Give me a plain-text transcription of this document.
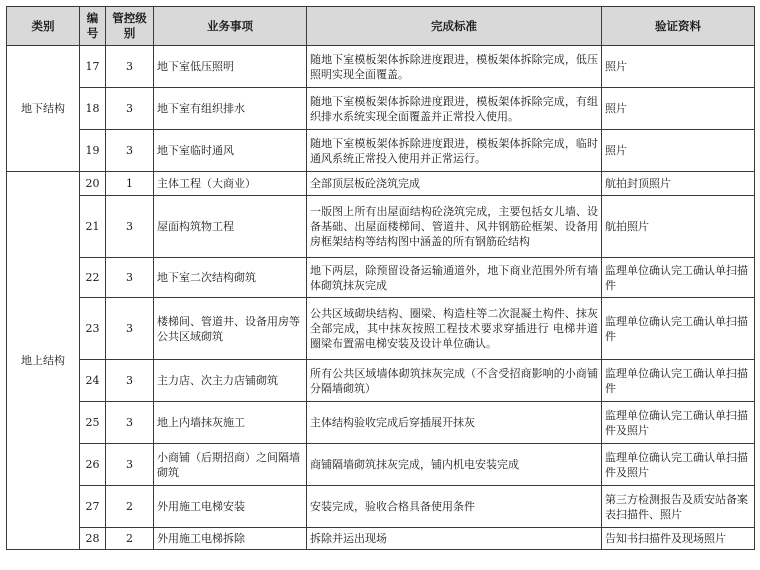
类别	编号	管控级别	业务事项	完成标准	验证资料
地下结构	17	3	地下室低压照明	随地下室模板架体拆除进度跟进，模板架体拆除完成，低压照明实现全面覆盖。	照片
	18	3	地下室有组织排水	随地下室模板架体拆除进度跟进，模板架体拆除完成，有组织排水系统实现全面覆盖并正常投入使用。	照片
	19	3	地下室临时通风	随地下室模板架体拆除进度跟进，模板架体拆除完成，临时通风系统正常投入使用并正常运行。	照片
地上结构	20	1	主体工程（大商业）	全部顶层板砼浇筑完成	航拍封顶照片
	21	3	屋面构筑物工程	一版图上所有出屋面结构砼浇筑完成，主要包括女儿墙、设备基础、出屋面楼梯间、管道井、风井钢筋砼框架、设备用房框架结构等结构图中涵盖的所有钢筋砼结构	航拍照片
	22	3	地下室二次结构砌筑	地下两层，除预留设备运输通道外，地下商业范围外所有墙体砌筑抹灰完成	监理单位确认完工确认单扫描件
	23	3	楼梯间、管道井、设备用房等公共区域砌筑	公共区域砌块结构、圈梁、构造柱等二次混凝土构件、抹灰全部完成，其中抹灰按照工程技术要求穿插进行 电梯井道圈梁布置需电梯安装及设计单位确认。	监理单位确认完工确认单扫描件
	24	3	主力店、次主力店铺砌筑	所有公共区域墙体砌筑抹灰完成（不含受招商影响的小商铺分隔墙砌筑）	监理单位确认完工确认单扫描件
	25	3	地上内墙抹灰施工	主体结构验收完成后穿插展开抹灰	监理单位确认完工确认单扫描件及照片
	26	3	小商铺（后期招商）之间隔墙砌筑	商铺隔墙砌筑抹灰完成，铺内机电安装完成	监理单位确认完工确认单扫描件及照片
	27	2	外用施工电梯安装	安装完成，验收合格具备使用条件	第三方检测报告及质安站备案表扫描件、照片
	28	2	外用施工电梯拆除	拆除并运出现场	告知书扫描件及现场照片
